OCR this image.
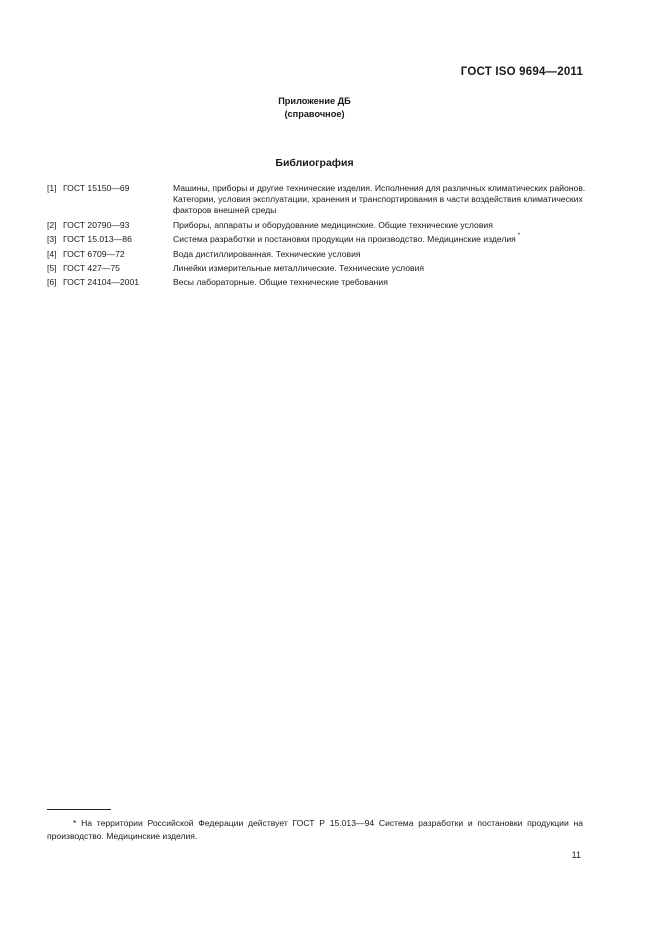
ГОСТ ISO 9694—2011
Приложение ДБ
(справочное)
Библиография
[1] ГОСТ 15150—69	Машины, приборы и другие технические изделия. Исполнения для различных климатических районов. Категории, условия эксплуатации, хранения и транспортирования в части воздействия климатических факторов внешней среды
[2] ГОСТ 20790—93	Приборы, аппараты и оборудование медицинские. Общие технические условия
[3] ГОСТ 15.013—86	Система разработки и постановки продукции на производство. Медицинские изделия *
[4] ГОСТ 6709—72	Вода дистиллированная. Технические условия
[5] ГОСТ 427—75	Линейки измерительные металлические. Технические условия
[6] ГОСТ 24104—2001	Весы лабораторные. Общие технические требования
* На территории Российской Федерации действует ГОСТ Р 15.013—94 Система разработки и постановки продукции на производство. Медицинские изделия.
11
